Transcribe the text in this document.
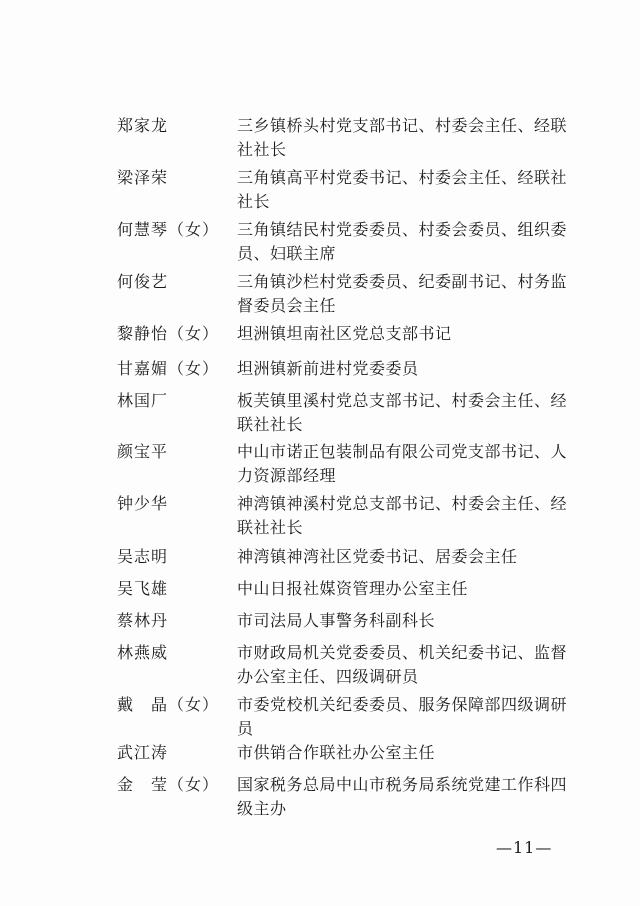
郑家龙	三乡镇桥头村党支部书记、村委会主任、经联社社长
梁泽荣	三角镇高平村党委书记、村委会主任、经联社社长
何慧琴（女） 三角镇结民村党委委员、村委会委员、组织委员、妇联主席
何俊艺	三角镇沙栏村党委委员、纪委副书记、村务监督委员会主任
黎静怡（女） 坦洲镇坦南社区党总支部书记
甘嘉媚（女） 坦洲镇新前进村党委委员
林国厂	板芙镇里溪村党总支部书记、村委会主任、经联社社长
颜宝平	中山市诺正包装制品有限公司党支部书记、人力资源部经理
钟少华	神湾镇神溪村党总支部书记、村委会主任、经联社社长
吴志明	神湾镇神湾社区党委书记、居委会主任
吴飞雄	中山日报社媒资管理办公室主任
蔡林丹	市司法局人事警务科副科长
林燕威	市财政局机关党委委员、机关纪委书记、监督办公室主任、四级调研员
戴　晶（女） 市委党校机关纪委委员、服务保障部四级调研员
武江涛	市供销合作联社办公室主任
金　莹（女） 国家税务总局中山市税务局系统党建工作科四级主办
—11—
